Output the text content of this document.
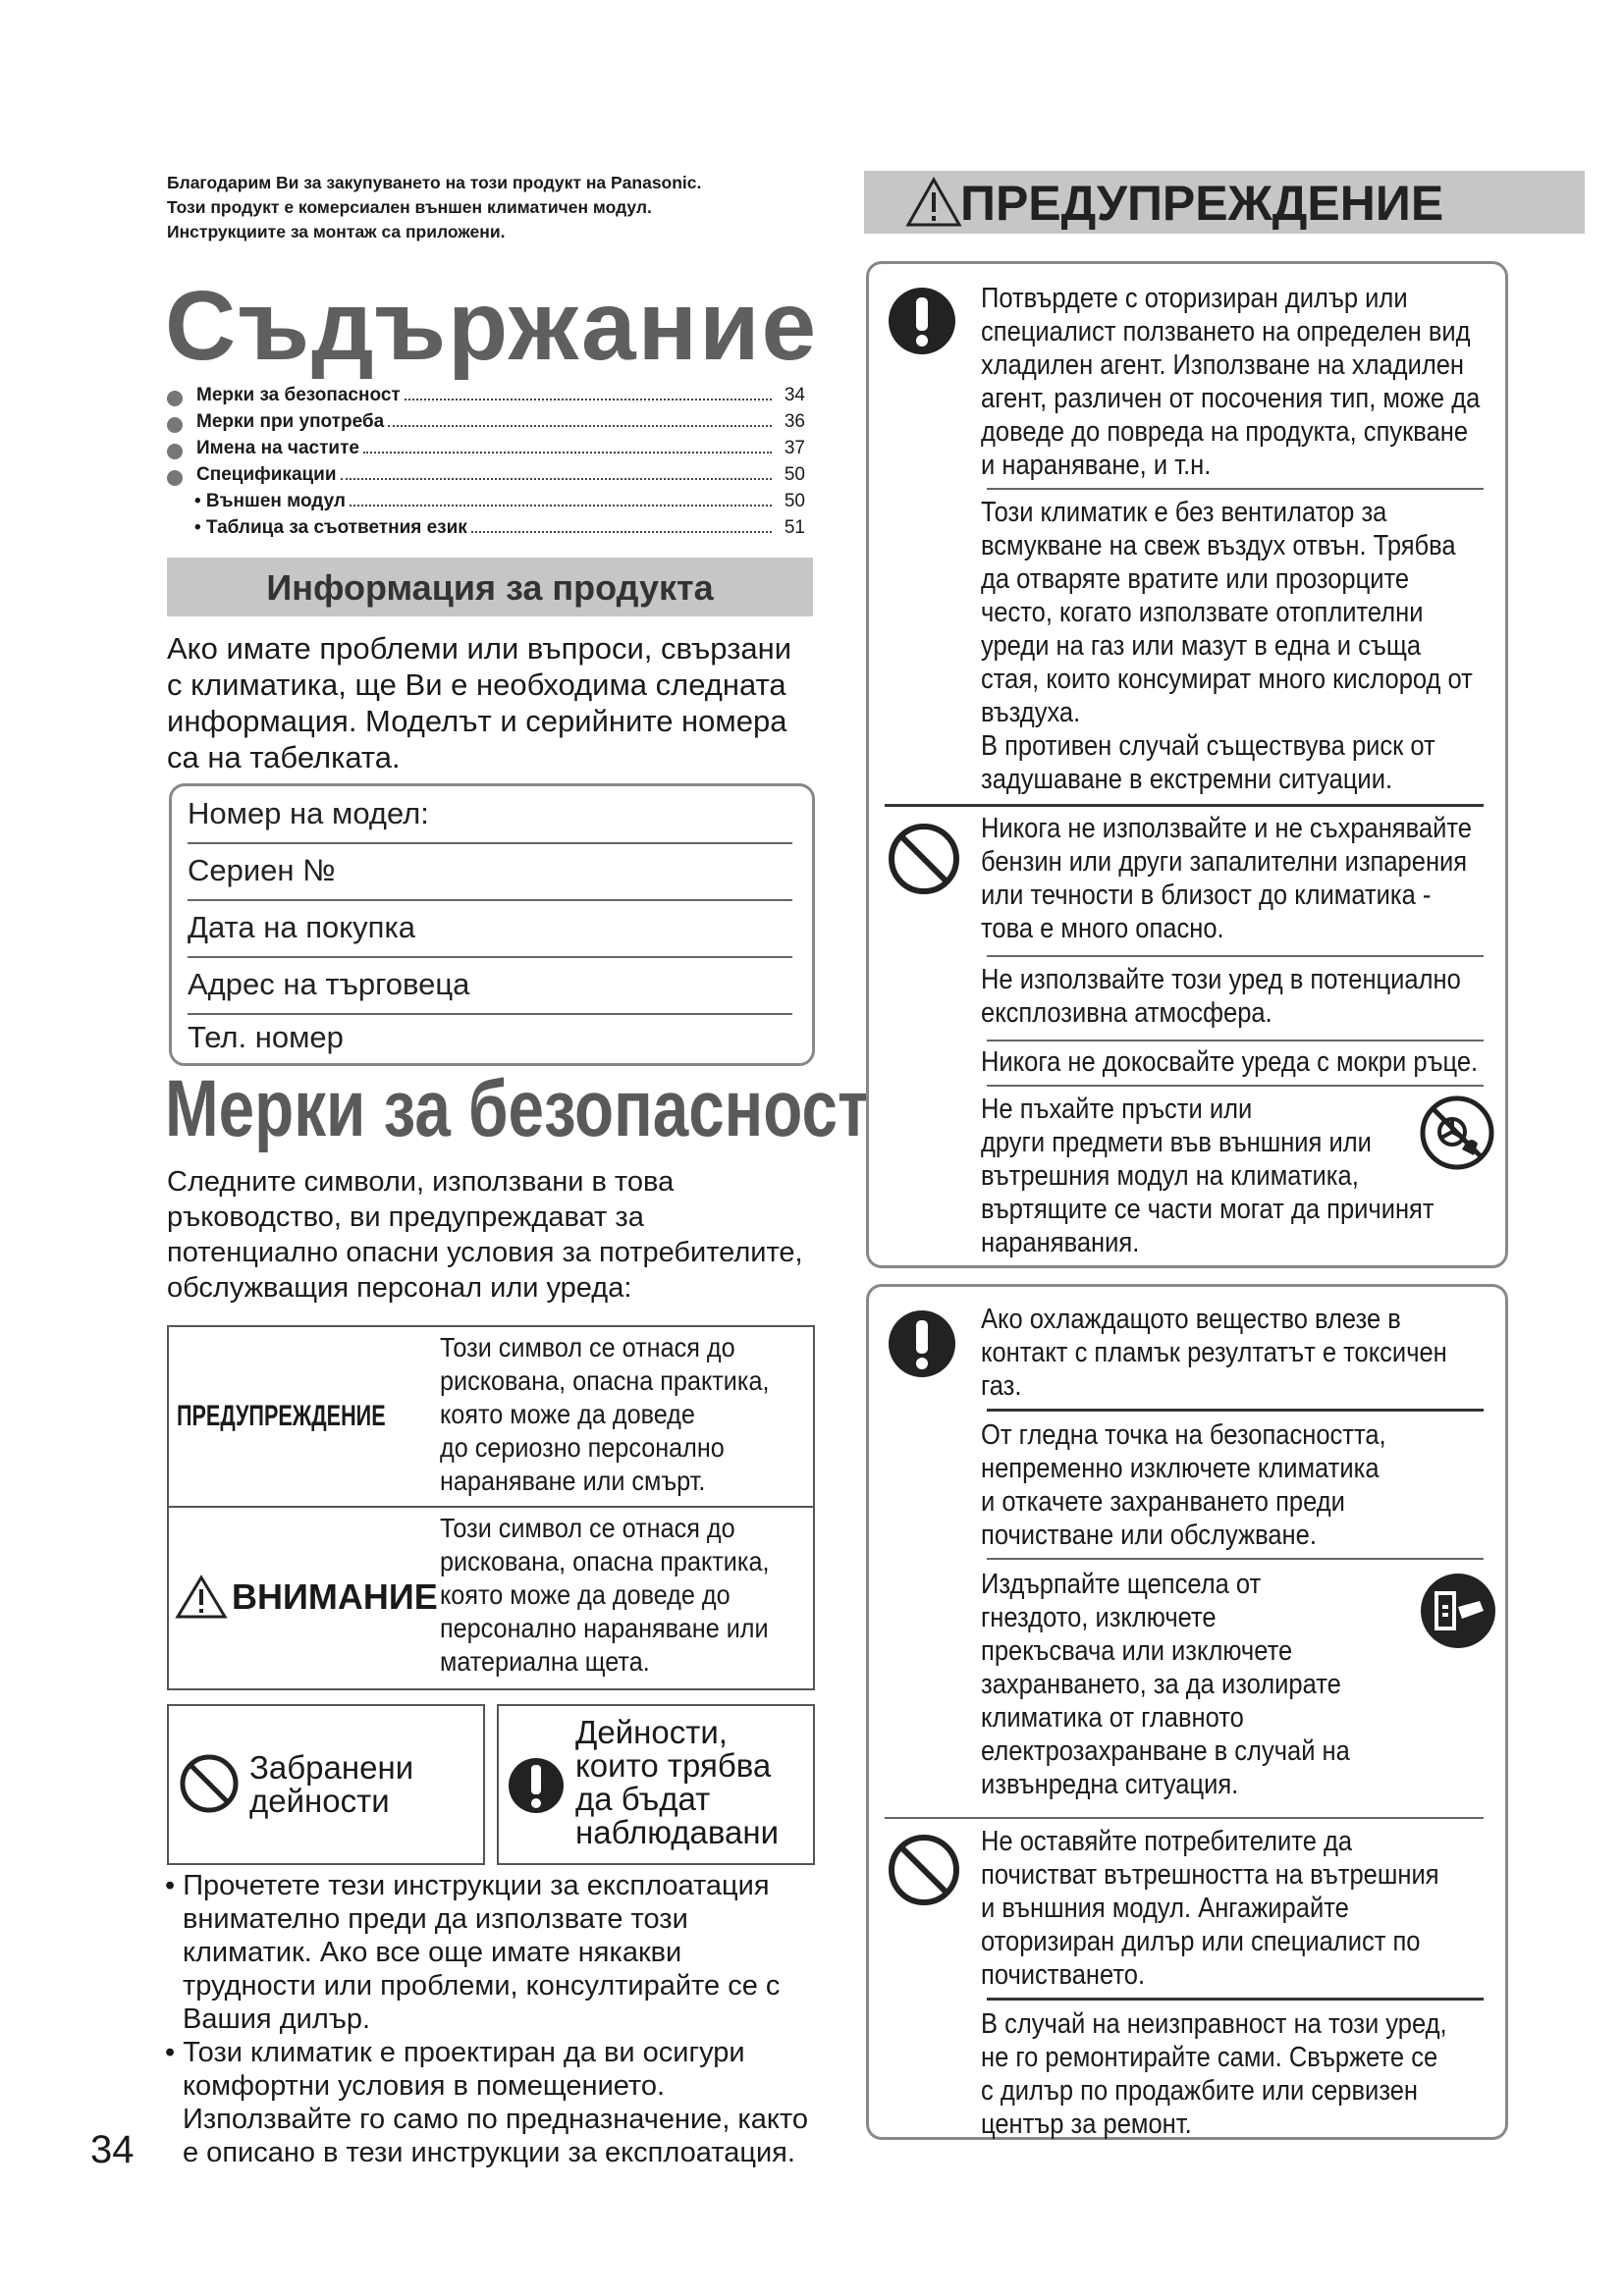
Благодарим Ви за закупуването на този продукт на Panasonic.
Този продукт е комерсиален външен климатичен модул.
Инструкциите за монтаж са приложени.
Съдържание
Мерки за безопасност	34
Мерки при употреба	36
Имена на частите	37
Спецификации	50
• Външен модул	50
• Таблица за съответния език	51
Информация за продукта
Ако имате проблеми или въпроси, свързани
с климатика, ще Ви е необходима следната
информация. Моделът и серийните номера
са на табелката.
Номер на модел:
Сериен №
Дата на покупка
Адрес на търговеца
Тел. номер
Мерки за безопасност
Следните символи, използвани в това
ръководство, ви предупреждават за
потенциално опасни условия за потребителите,
обслужващия персонал или уреда:
ПРЕДУПРЕЖДЕНИЕ
Този символ се отнася до
рискована, опасна практика,
която може да доведе
до сериозно персонално
нараняване или смърт.
ВНИМАНИЕ
Този символ се отнася до
рискована, опасна практика,
която може да доведе до
персонално нараняване или
материална щета.
Забранени
дейности
Дейности,
които трябва
да бъдат
наблюдавани
• Прочетете тези инструкции за експлоатация
внимателно преди да използвате този
климатик. Ако все още имате някакви
трудности или проблеми, консултирайте се с
Вашия дилър.
• Този климатик е проектиран да ви осигури
комфортни условия в помещението.
Използвайте го само по предназначение, както
е описано в тези инструкции за експлоатация.
34
ПРЕДУПРЕЖДЕНИЕ
Потвърдете с оторизиран дилър или
специалист ползването на определен вид
хладилен агент. Използване на хладилен
агент, различен от посочения тип, може да
доведе до повреда на продукта, спукване
и нараняване, и т.н.
Този климатик е без вентилатор за
всмукване на свеж въздух отвън. Трябва
да отваряте вратите или прозорците
често, когато използвате отоплителни
уреди на газ или мазут в една и съща
стая, които консумират много кислород от
въздуха.
В противен случай съществува риск от
задушаване в екстремни ситуации.
Никога не използвайте и не съхранявайте
бензин или други запалителни изпарения
или течности в близост до климатика -
това е много опасно.
Не използвайте този уред в потенциално
експлозивна атмосфера.
Никога не докосвайте уреда с мокри ръце.
Не пъхайте пръсти или
други предмети във външния или
вътрешния модул на климатика,
въртящите се части могат да причинят
наранявания.
Ако охлаждащото вещество влезе в
контакт с пламък резултатът е токсичен
газ.
От гледна точка на безопасността,
непременно изключете климатика
и откачете захранването преди
почистване или обслужване.
Издърпайте щепсела от
гнездото, изключете
прекъсвача или изключете
захранването, за да изолирате
климатика от главното
електрозахранване в случай на
извънредна ситуация.
Не оставяйте потребителите да
почистват вътрешността на вътрешния
и външния модул. Ангажирайте
оторизиран дилър или специалист по
почистването.
В случай на неизправност на този уред,
не го ремонтирайте сами. Свържете се
с дилър по продажбите или сервизен
център за ремонт.
